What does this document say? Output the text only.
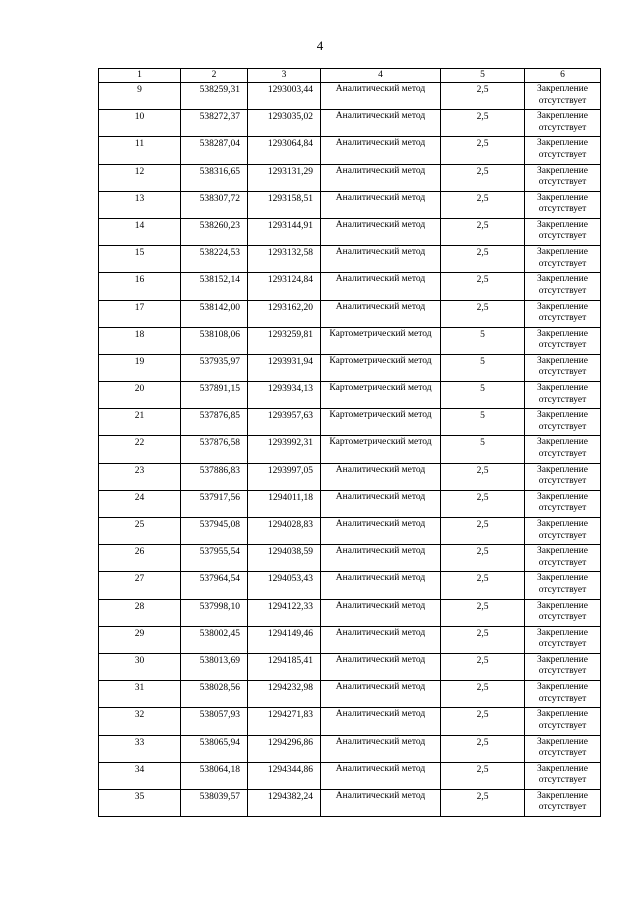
4
1	2	3	4	5	6
9	538259,31	1293003,44	Аналитический метод	2,5	Закрепление отсутствует
10	538272,37	1293035,02	Аналитический метод	2,5	Закрепление отсутствует
11	538287,04	1293064,84	Аналитический метод	2,5	Закрепление отсутствует
12	538316,65	1293131,29	Аналитический метод	2,5	Закрепление отсутствует
13	538307,72	1293158,51	Аналитический метод	2,5	Закрепление отсутствует
14	538260,23	1293144,91	Аналитический метод	2,5	Закрепление отсутствует
15	538224,53	1293132,58	Аналитический метод	2,5	Закрепление отсутствует
16	538152,14	1293124,84	Аналитический метод	2,5	Закрепление отсутствует
17	538142,00	1293162,20	Аналитический метод	2,5	Закрепление отсутствует
18	538108,06	1293259,81	Картометрический метод	5	Закрепление отсутствует
19	537935,97	1293931,94	Картометрический метод	5	Закрепление отсутствует
20	537891,15	1293934,13	Картометрический метод	5	Закрепление отсутствует
21	537876,85	1293957,63	Картометрический метод	5	Закрепление отсутствует
22	537876,58	1293992,31	Картометрический метод	5	Закрепление отсутствует
23	537886,83	1293997,05	Аналитический метод	2,5	Закрепление отсутствует
24	537917,56	1294011,18	Аналитический метод	2,5	Закрепление отсутствует
25	537945,08	1294028,83	Аналитический метод	2,5	Закрепление отсутствует
26	537955,54	1294038,59	Аналитический метод	2,5	Закрепление отсутствует
27	537964,54	1294053,43	Аналитический метод	2,5	Закрепление отсутствует
28	537998,10	1294122,33	Аналитический метод	2,5	Закрепление отсутствует
29	538002,45	1294149,46	Аналитический метод	2,5	Закрепление отсутствует
30	538013,69	1294185,41	Аналитический метод	2,5	Закрепление отсутствует
31	538028,56	1294232,98	Аналитический метод	2,5	Закрепление отсутствует
32	538057,93	1294271,83	Аналитический метод	2,5	Закрепление отсутствует
33	538065,94	1294296,86	Аналитический метод	2,5	Закрепление отсутствует
34	538064,18	1294344,86	Аналитический метод	2,5	Закрепление отсутствует
35	538039,57	1294382,24	Аналитический метод	2,5	Закрепление отсутствует
